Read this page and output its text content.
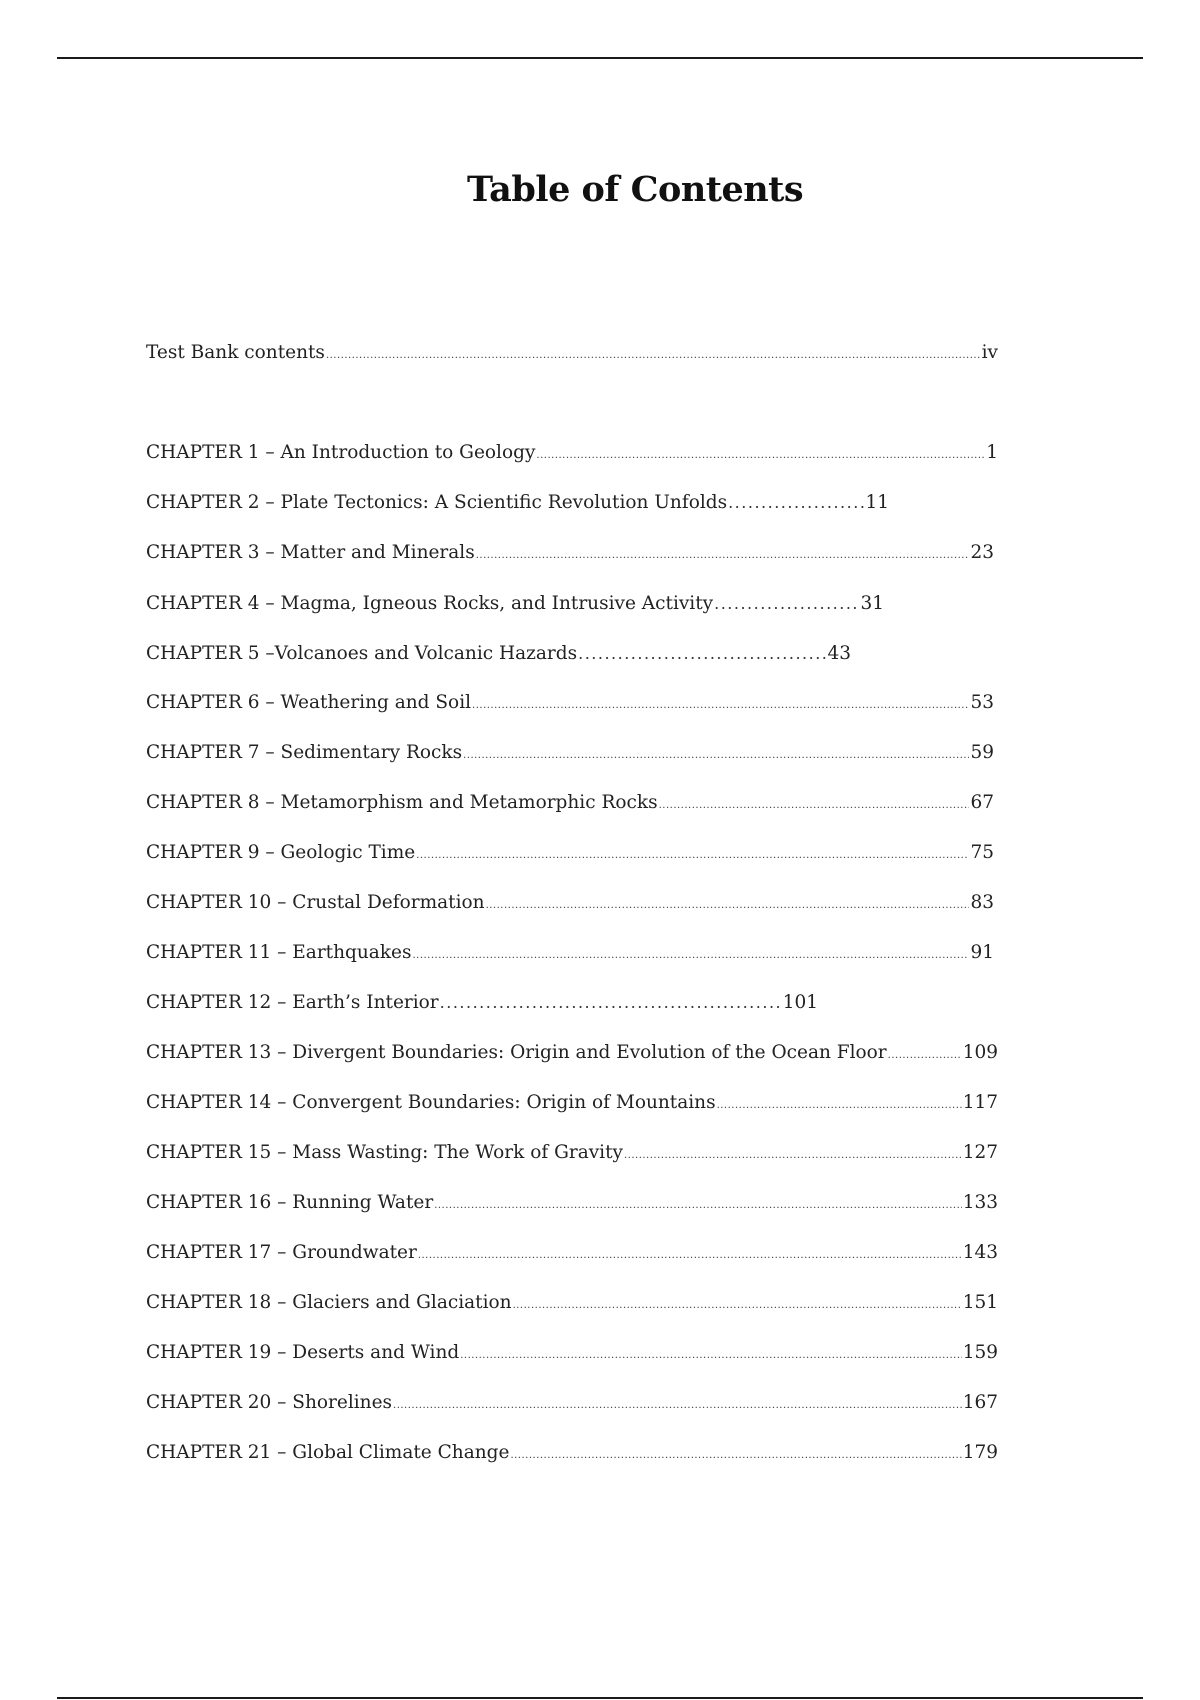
Table of Contents
Test Bank contents .....	iv
CHAPTER 1 – An Introduction to Geology .....	1
CHAPTER 2 – Plate Tectonics: A Scientific Revolution Unfolds .....	11
CHAPTER 3 – Matter and Minerals .....	23
CHAPTER 4 – Magma, Igneous Rocks, and Intrusive Activity .....	31
CHAPTER 5 –Volcanoes and Volcanic Hazards .....	43
CHAPTER 6 – Weathering and Soil .....	53
CHAPTER 7 – Sedimentary Rocks .....	59
CHAPTER 8 – Metamorphism and Metamorphic Rocks .....	67
CHAPTER 9 – Geologic Time .....	75
CHAPTER 10 – Crustal Deformation .....	83
CHAPTER 11 – Earthquakes .....	91
CHAPTER 12 – Earth’s Interior .....	101
CHAPTER 13 – Divergent Boundaries: Origin and Evolution of the Ocean Floor .....	109
CHAPTER 14 – Convergent Boundaries: Origin of Mountains .....	117
CHAPTER 15 – Mass Wasting: The Work of Gravity .....	127
CHAPTER 16 – Running Water .....	133
CHAPTER 17 – Groundwater .....	143
CHAPTER 18 – Glaciers and Glaciation .....	151
CHAPTER 19 – Deserts and Wind .....	159
CHAPTER 20 – Shorelines .....	167
CHAPTER 21 – Global Climate Change .....	179
